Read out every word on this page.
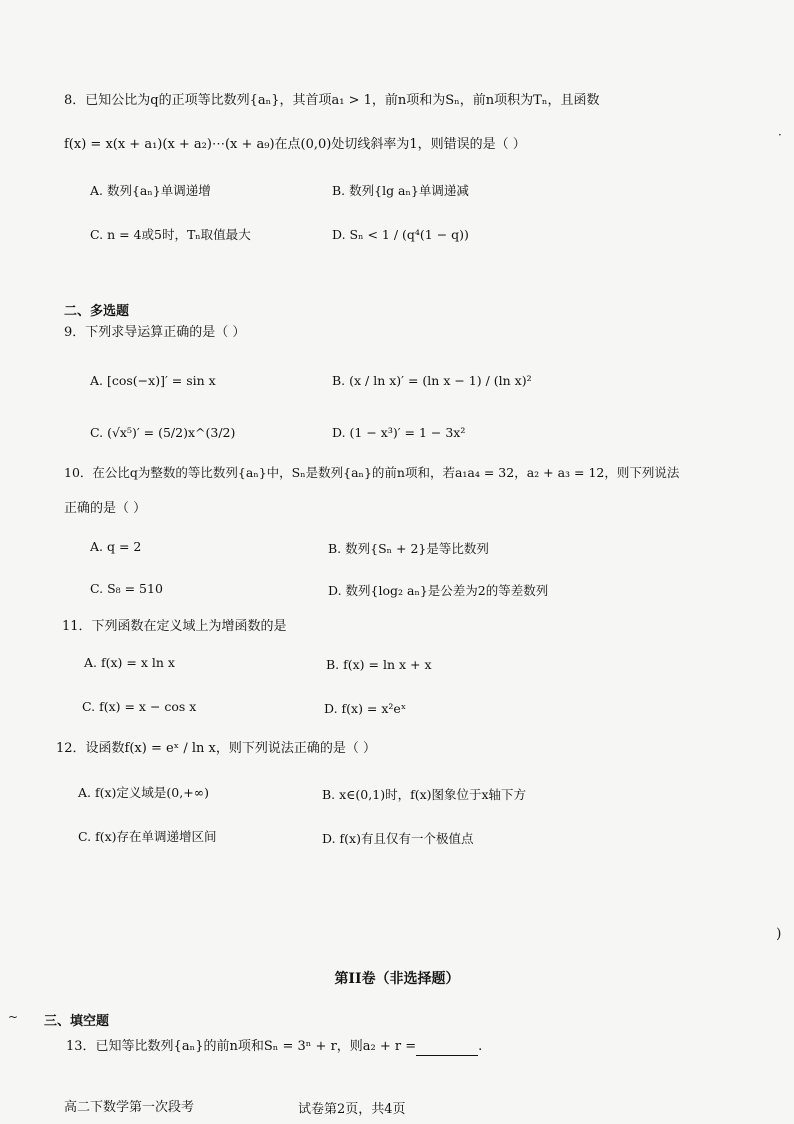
8．已知公比为q的正项等比数列{aₙ}，其首项a₁ > 1，前n项和为Sₙ，前n项积为Tₙ，且函数
f(x) = x(x + a₁)(x + a₂)⋯(x + a₉)在点(0,0)处切线斜率为1，则错误的是（ ）
A. 数列{aₙ}单调递增	B. 数列{lg aₙ}单调递减
C. n = 4或5时，Tₙ取值最大	D. Sₙ < 1 / (q⁴(1 − q))
二、多选题
9．下列求导运算正确的是（ ）
A. [cos(−x)]′ = sin x	B. (x / ln x)′ = (ln x − 1) / (ln x)²
C. (√x⁵)′ = (5/2)x^(3/2)	D. (1 − x³)′ = 1 − 3x²
10．在公比q为整数的等比数列{aₙ}中，Sₙ是数列{aₙ}的前n项和，若a₁a₄ = 32，a₂ + a₃ = 12，则下列说法
正确的是（ ）
A. q = 2	B. 数列{Sₙ + 2}是等比数列
C. S₈ = 510	D. 数列{log₂ aₙ}是公差为2的等差数列
11．下列函数在定义域上为增函数的是
A. f(x) = x ln x	B. f(x) = ln x + x
C. f(x) = x − cos x	D. f(x) = x²eˣ
12．设函数f(x) = eˣ / ln x，则下列说法正确的是（ ）
A. f(x)定义域是(0,+∞)	B. x∈(0,1)时，f(x)图象位于x轴下方
C. f(x)存在单调递增区间	D. f(x)有且仅有一个极值点
第II卷（非选择题）
三、填空题
13．已知等比数列{aₙ}的前n项和Sₙ = 3ⁿ + r，则a₂ + r =	.
高二下数学第一次段考	试卷第2页，共4页
~
)
·
